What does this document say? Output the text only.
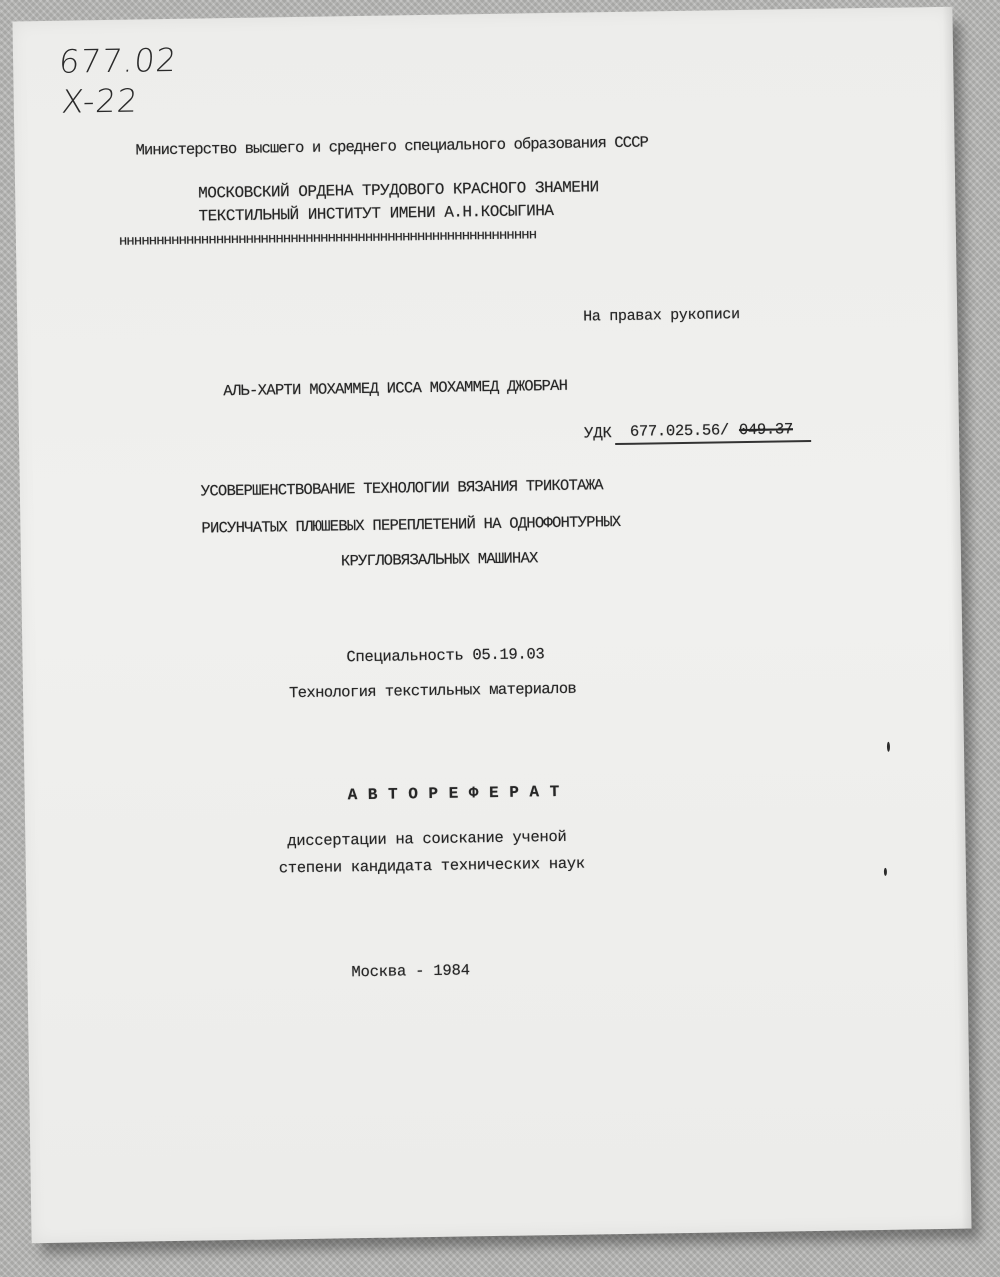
677.02
X-22
Министерство высшего и среднего специального образования СССР
МОСКОВСКИЙ ОРДЕНА ТРУДОВОГО КРАСНОГО ЗНАМЕНИ
ТЕКСТИЛЬНЫЙ ИНСТИТУТ ИМЕНИ А.Н.КОСЫГИНА
нннннннннннннннннннннннннннннннннннннннннннннннннннннннн
На правах рукописи
АЛЬ-ХАРТИ МОХАММЕД ИССА МОХАММЕД ДЖОБРАН
УДК 677.025.56/ 049.37
УСОВЕРШЕНСТВОВАНИЕ ТЕХНОЛОГИИ ВЯЗАНИЯ ТРИКОТАЖА
РИСУНЧАТЫХ ПЛЮШЕВЫХ ПЕРЕПЛЕТЕНИЙ НА ОДНОФОНТУРНЫХ
КРУГЛОВЯЗАЛЬНЫХ МАШИНАХ
Специальность 05.19.03
Технология текстильных материалов
А В Т О Р Е Ф Е Р А Т
диссертации на соискание ученой
степени кандидата технических наук
Москва - 1984
